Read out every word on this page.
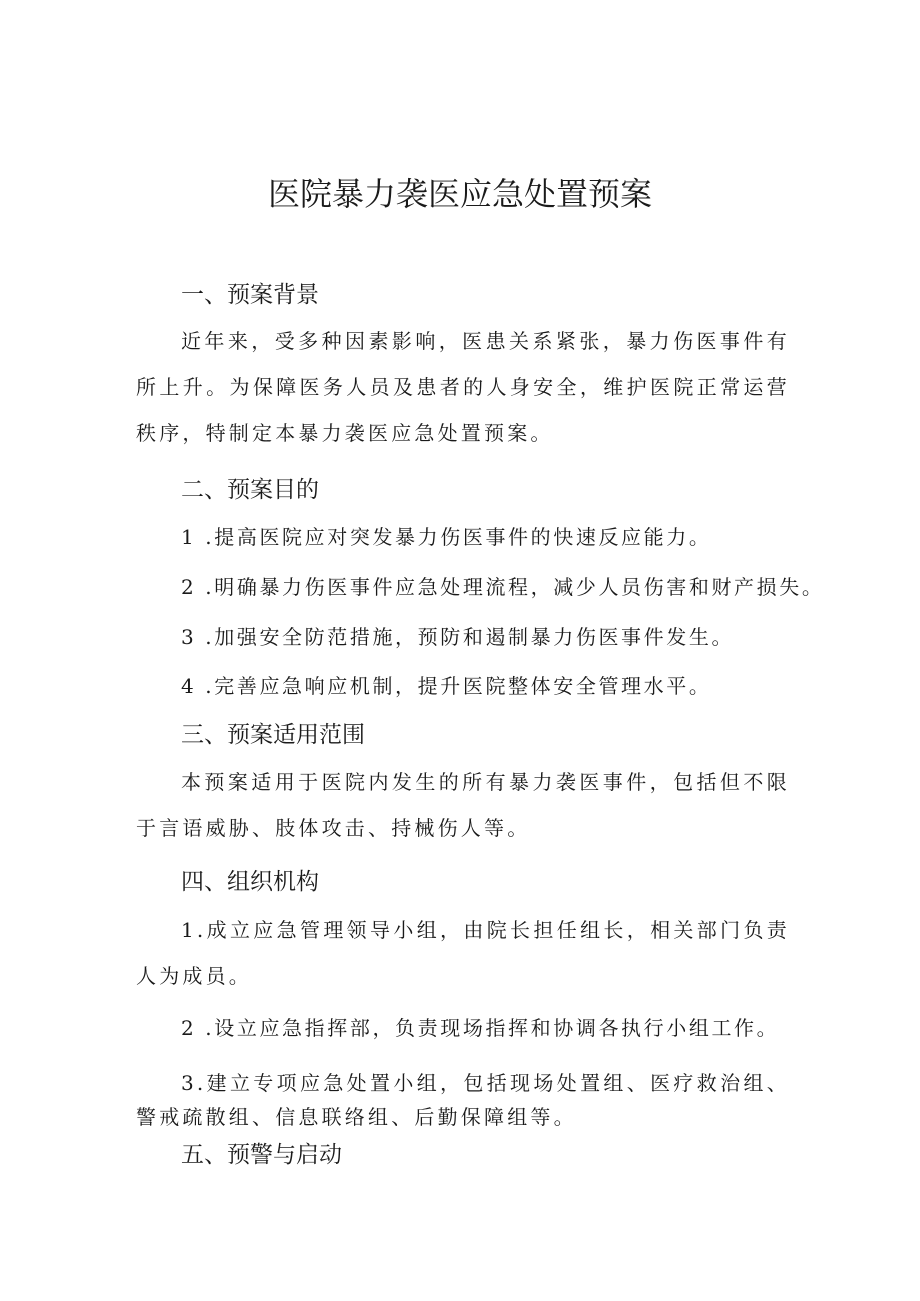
医院暴力袭医应急处置预案
一、预案背景

近年来，受多种因素影响，医患关系紧张，暴力伤医事件有所上升。为保障医务人员及患者的人身安全，维护医院正常运营秩序，特制定本暴力袭医应急处置预案。

二、预案目的

1 .提高医院应对突发暴力伤医事件的快速反应能力。

2 .明确暴力伤医事件应急处理流程，减少人员伤害和财产损失。

3 .加强安全防范措施，预防和遏制暴力伤医事件发生。

4 .完善应急响应机制，提升医院整体安全管理水平。

三、预案适用范围

本预案适用于医院内发生的所有暴力袭医事件，包括但不限于言语威胁、肢体攻击、持械伤人等。

四、组织机构

1.成立应急管理领导小组，由院长担任组长，相关部门负责人为成员。

2 .设立应急指挥部，负责现场指挥和协调各执行小组工作。

3.建立专项应急处置小组，包括现场处置组、医疗救治组、警戒疏散组、信息联络组、后勤保障组等。

五、预警与启动
